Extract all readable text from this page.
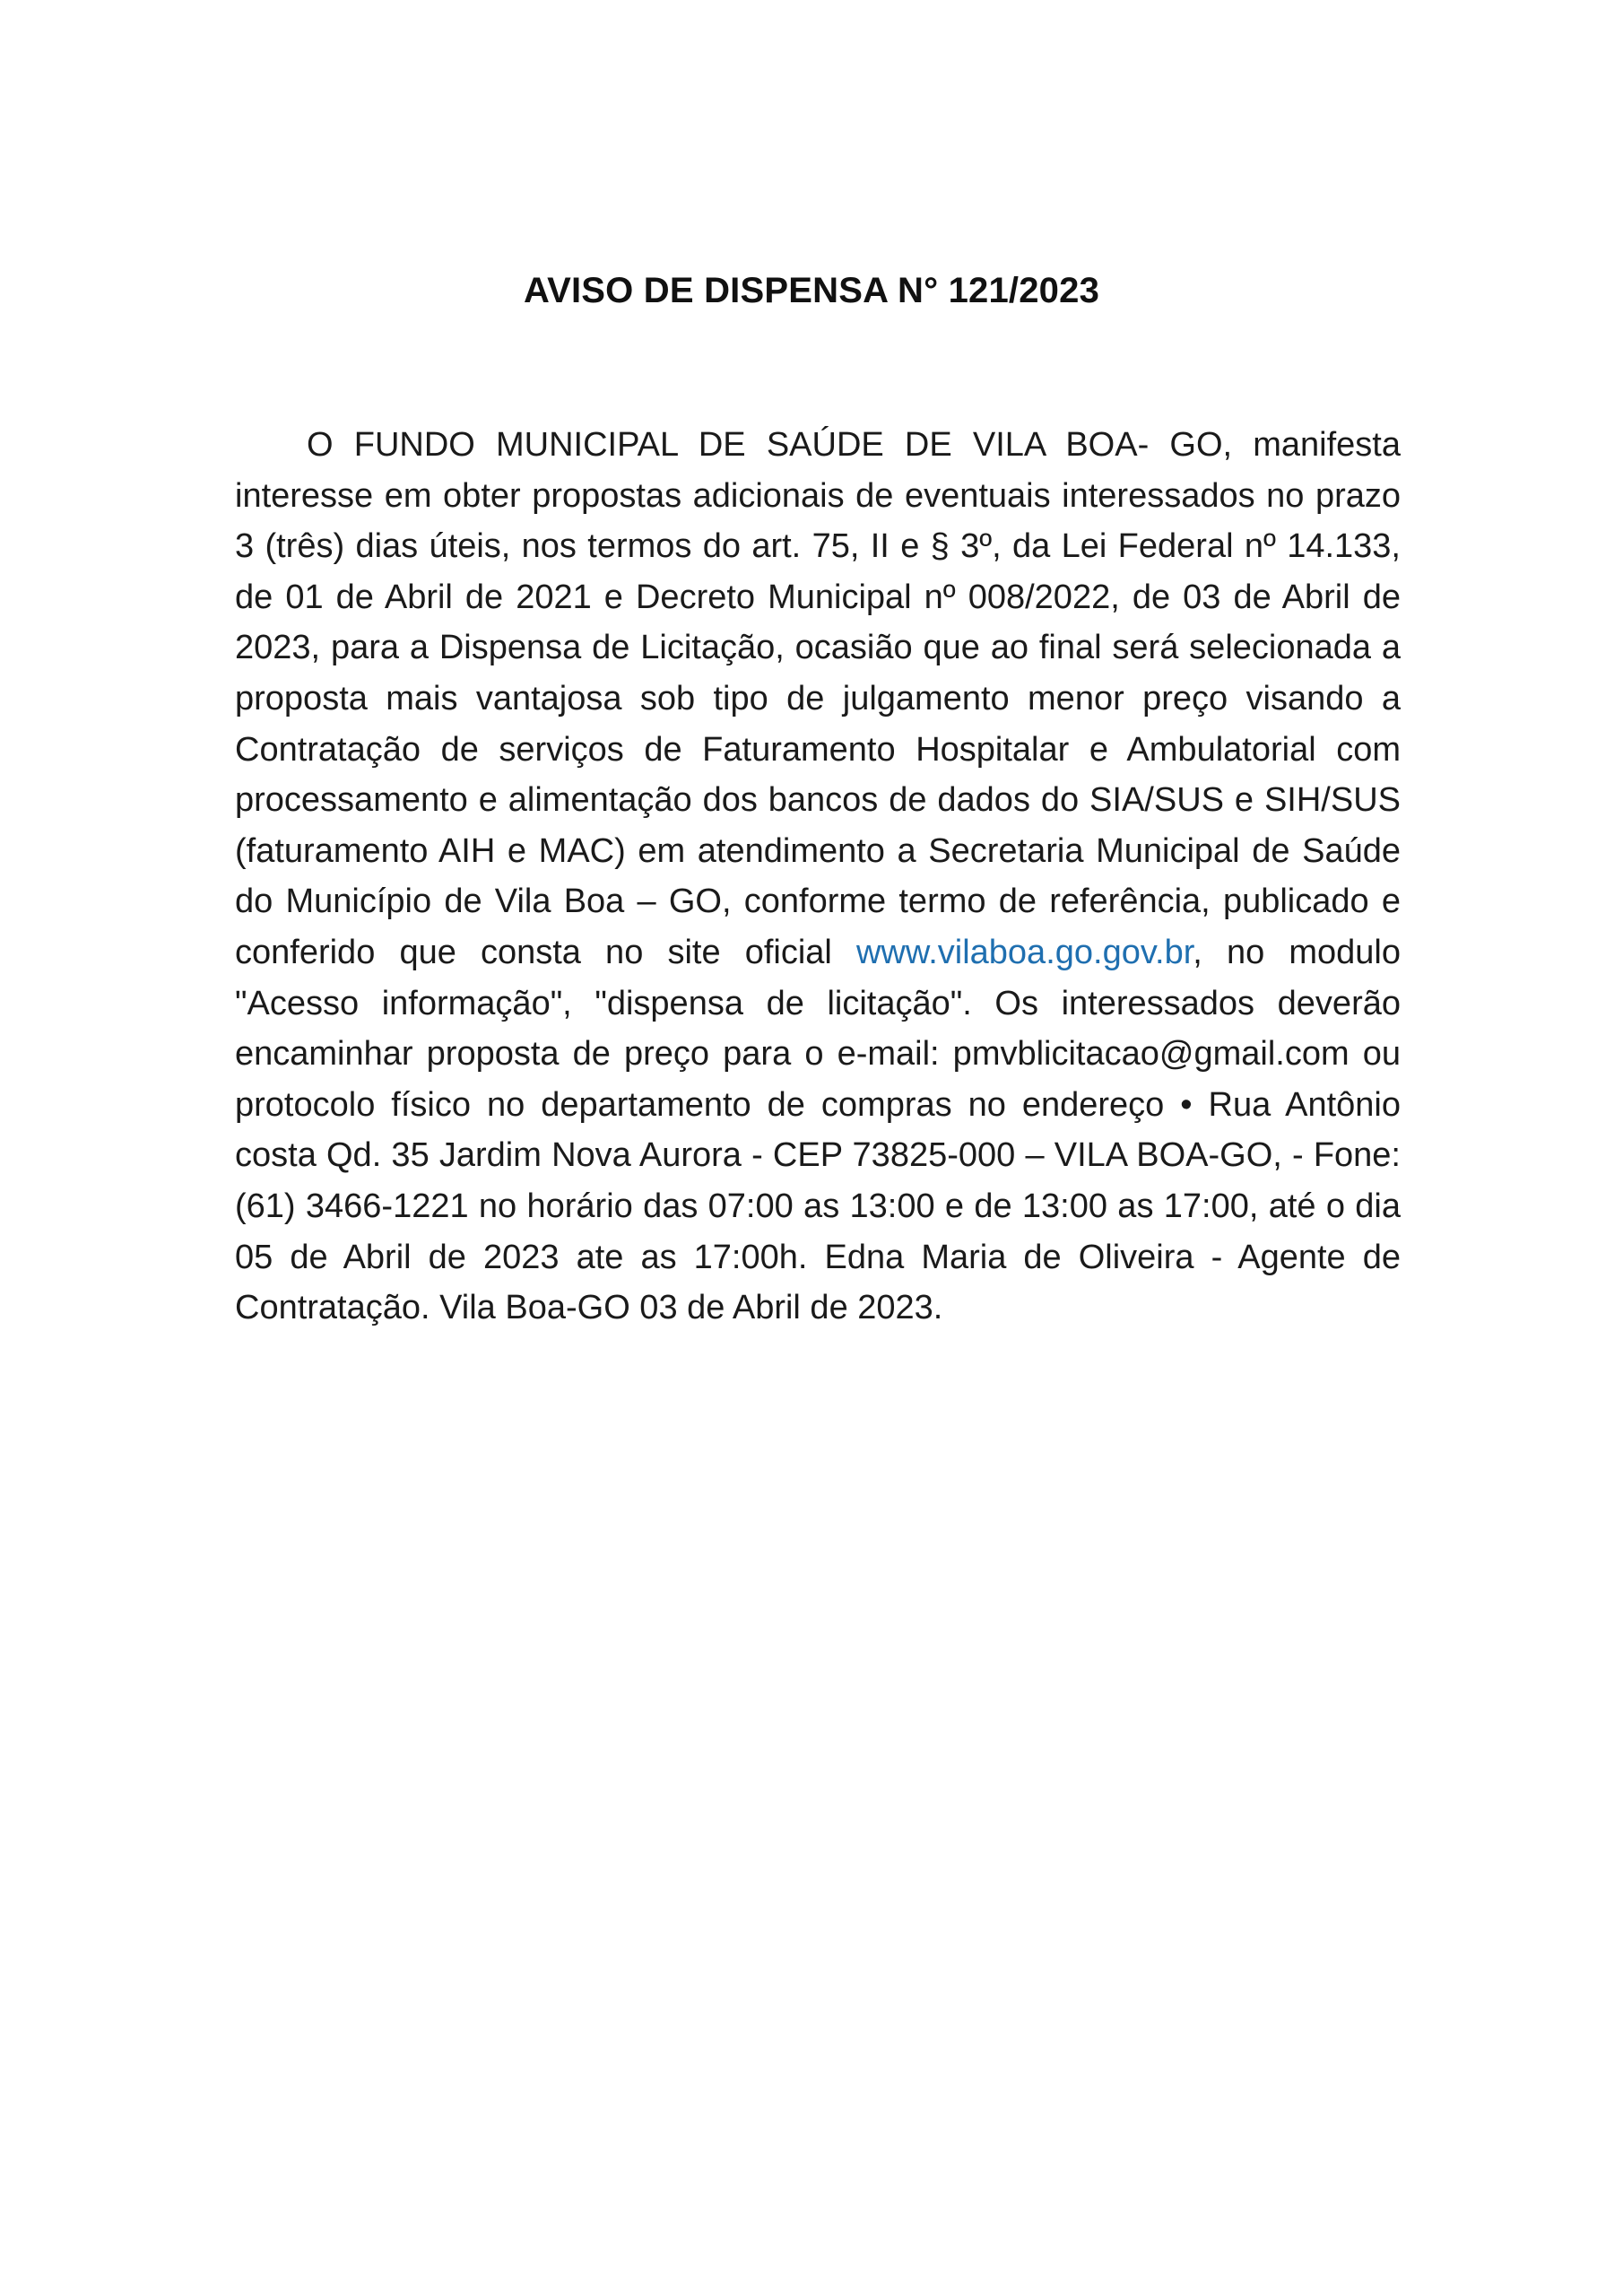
AVISO DE DISPENSA N° 121/2023

O FUNDO MUNICIPAL DE SAÚDE DE VILA BOA- GO, manifesta interesse em obter propostas adicionais de eventuais interessados no prazo 3 (três) dias úteis, nos termos do art. 75, II e § 3º, da Lei Federal nº 14.133, de 01 de Abril de 2021 e Decreto Municipal nº 008/2022, de 03 de Abril de 2023, para a Dispensa de Licitação, ocasião que ao final será selecionada a proposta mais vantajosa sob tipo de julgamento menor preço visando a Contratação de serviços de Faturamento Hospitalar e Ambulatorial com processamento e alimentação dos bancos de dados do SIA/SUS e SIH/SUS (faturamento AIH e MAC) em atendimento a Secretaria Municipal de Saúde do Município de Vila Boa – GO, conforme termo de referência, publicado e conferido que consta no site oficial www.vilaboa.go.gov.br, no modulo "Acesso informação", "dispensa de licitação". Os interessados deverão encaminhar proposta de preço para o e-mail: pmvblicitacao@gmail.com ou protocolo físico no departamento de compras no endereço • Rua Antônio costa Qd. 35 Jardim Nova Aurora - CEP 73825-000 – VILA BOA-GO, - Fone: (61) 3466-1221 no horário das 07:00 as 13:00 e de 13:00 as 17:00, até o dia 05 de Abril de 2023 ate as 17:00h. Edna Maria de Oliveira - Agente de Contratação. Vila Boa-GO 03 de Abril de 2023.
